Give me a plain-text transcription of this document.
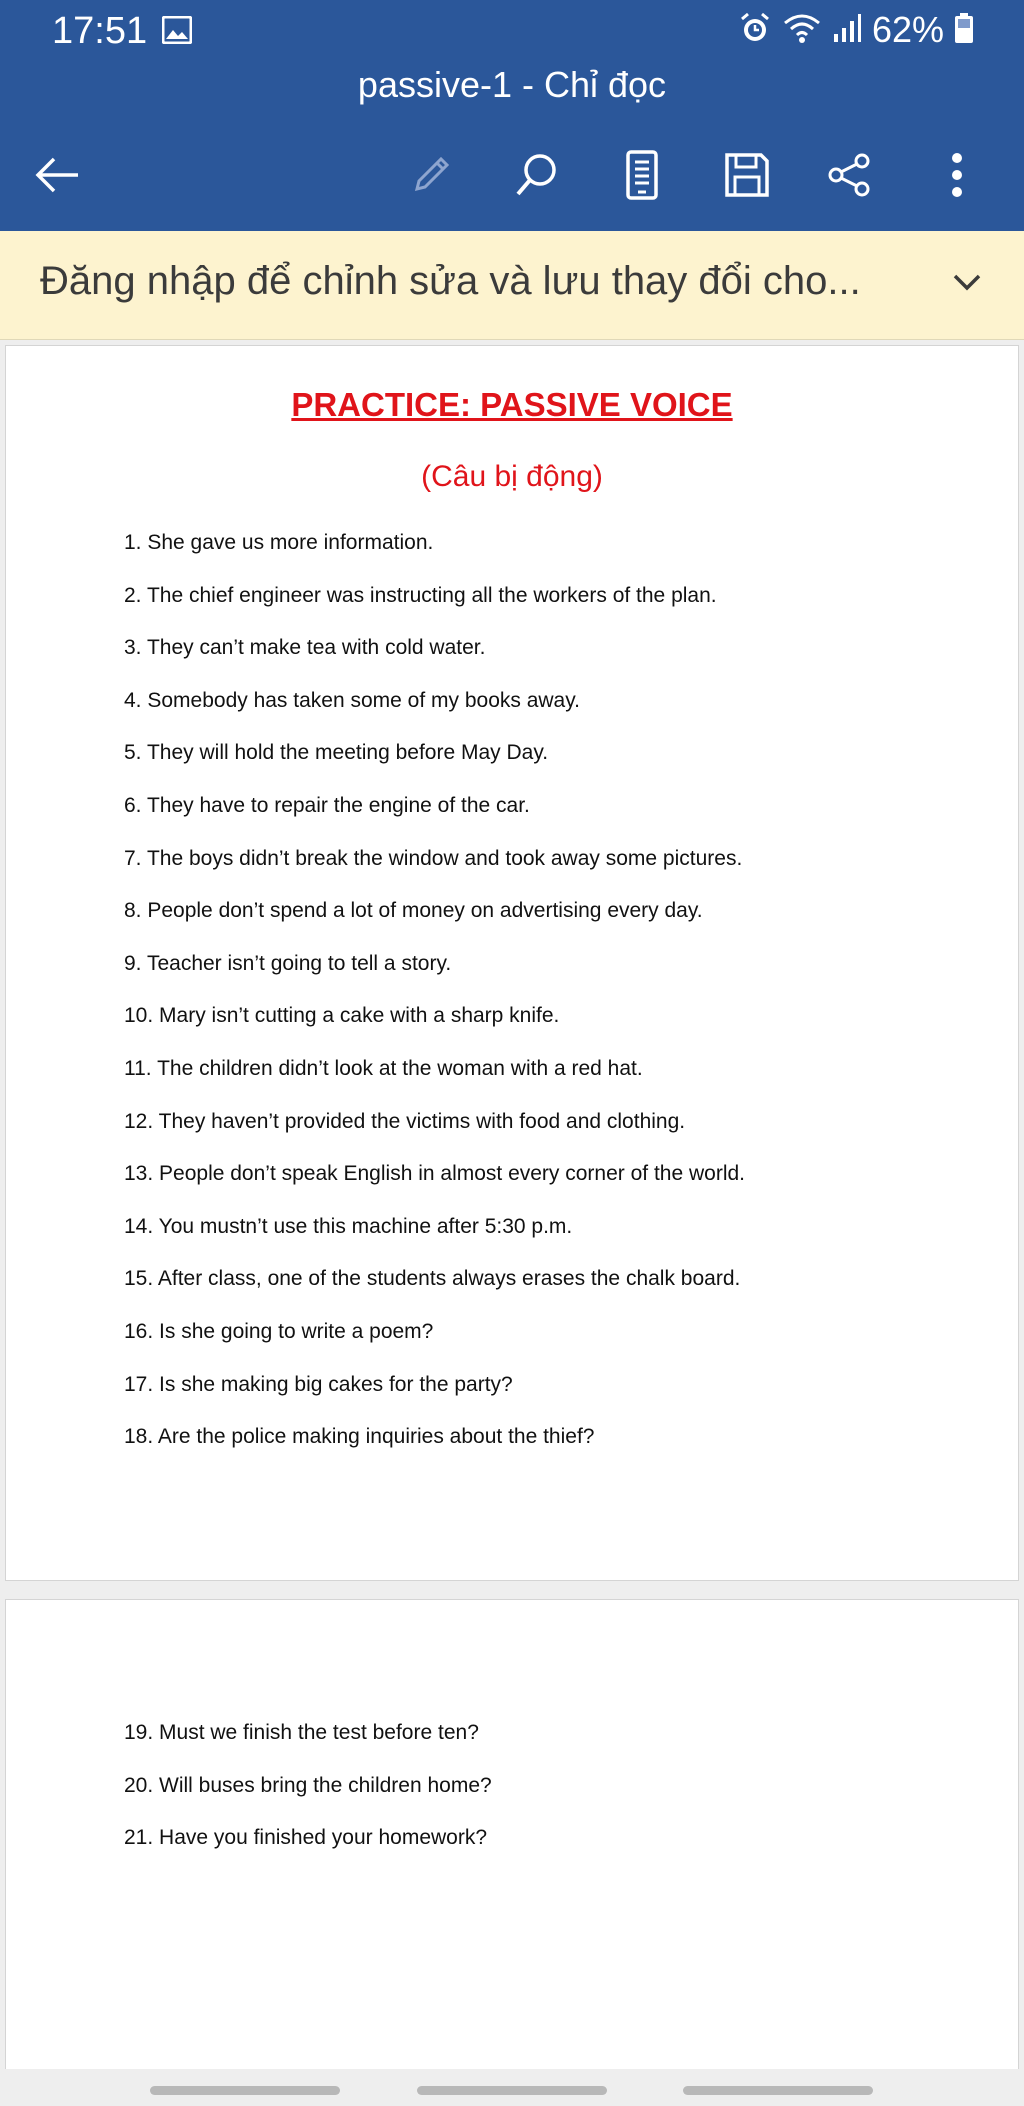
17:51	62%
passive-1 - Chỉ đọc
Đăng nhập để chỉnh sửa và lưu thay đổi cho...
PRACTICE: PASSIVE VOICE
(Câu bị động)
1. She gave us more information.
2. The chief engineer was instructing all the workers of the plan.
3. They can’t make tea with cold water.
4. Somebody has taken some of my books away.
5. They will hold the meeting before May Day.
6. They have to repair the engine of the car.
7. The boys didn’t break the window and took away some pictures.
8. People don’t spend a lot of money on advertising every day.
9. Teacher isn’t going to tell a story.
10. Mary isn’t cutting a cake with a sharp knife.
11. The children didn’t look at the woman with a red hat.
12. They haven’t provided the victims with food and clothing.
13. People don’t speak English in almost every corner of the world.
14. You mustn’t use this machine after 5:30 p.m.
15. After class, one of the students always erases the chalk board.
16. Is she going to write a poem?
17. Is she making big cakes for the party?
18. Are the police making inquiries about the thief?
19. Must we finish the test before ten?
20. Will buses bring the children home?
21. Have you finished your homework?
